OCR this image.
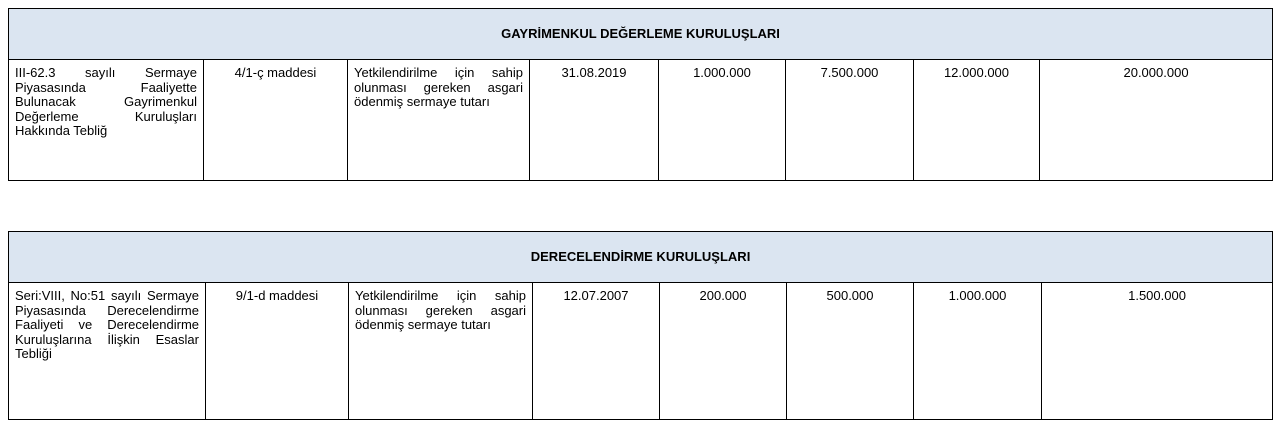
GAYRİMENKUL DEĞERLEME KURULUŞLARI
III-62.3 sayılı Sermaye Piyasasında Faaliyette Bulunacak Gayrimenkul Değerleme Kuruluşları Hakkında Tebliğ	4/1-ç maddesi	Yetkilendirilme için sahip olunması gereken asgari ödenmiş sermaye tutarı	31.08.2019	1.000.000	7.500.000	12.000.000	20.000.000
DERECELENDİRME KURULUŞLARI
Seri:VIII, No:51 sayılı Sermaye Piyasasında Derecelendirme Faaliyeti ve Derecelendirme Kuruluşlarına İlişkin Esaslar Tebliği	9/1-d maddesi	Yetkilendirilme için sahip olunması gereken asgari ödenmiş sermaye tutarı	12.07.2007	200.000	500.000	1.000.000	1.500.000
